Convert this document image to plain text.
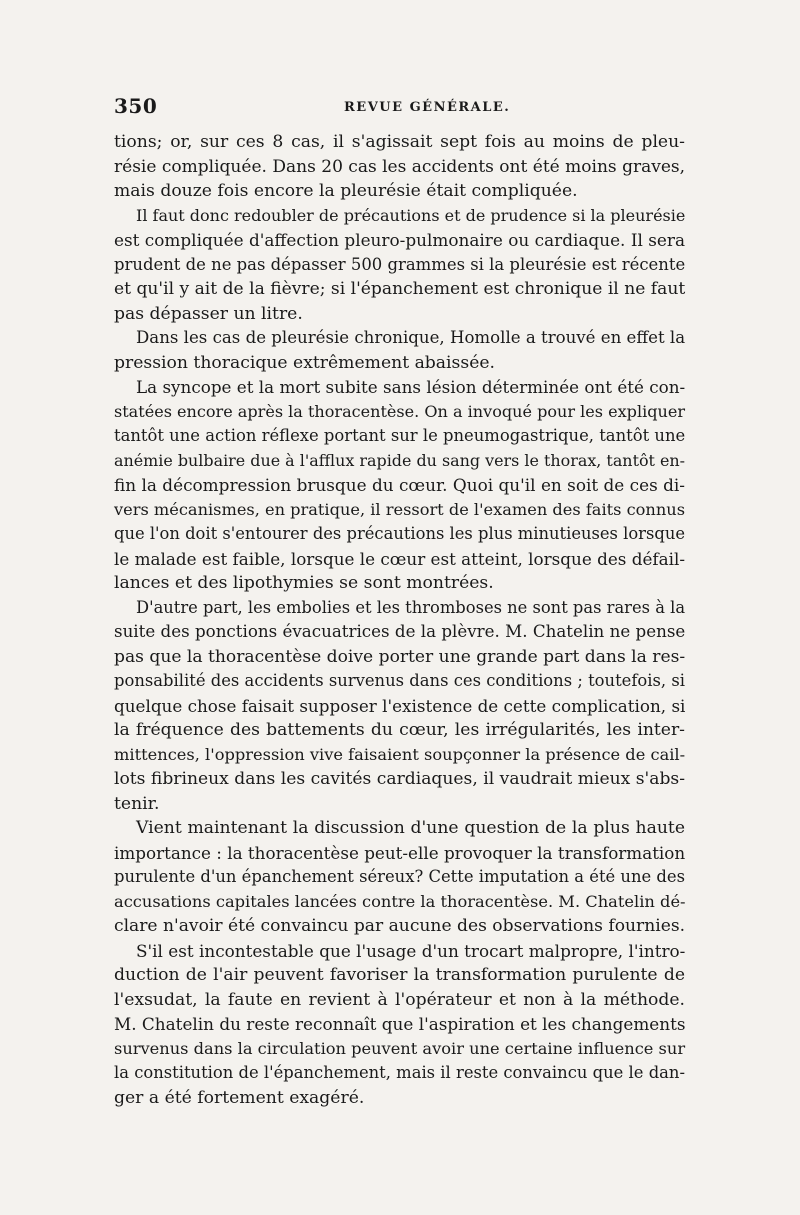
350	REVUE GÉNÉRALE.
tions; or, sur ces 8 cas, il s'agissait sept fois au moins de pleu-
résie compliquée. Dans 20 cas les accidents ont été moins graves,
mais douze fois encore la pleurésie était compliquée.
Il faut donc redoubler de précautions et de prudence si la pleurésie
est compliquée d'affection pleuro-pulmonaire ou cardiaque. Il sera
prudent de ne pas dépasser 500 grammes si la pleurésie est récente
et qu'il y ait de la fièvre; si l'épanchement est chronique il ne faut
pas dépasser un litre.
Dans les cas de pleurésie chronique, Homolle a trouvé en effet la
pression thoracique extrêmement abaissée.
La syncope et la mort subite sans lésion déterminée ont été con-
statées encore après la thoracentèse. On a invoqué pour les expliquer
tantôt une action réflexe portant sur le pneumogastrique, tantôt une
anémie bulbaire due à l'afflux rapide du sang vers le thorax, tantôt en-
fin la décompression brusque du cœur. Quoi qu'il en soit de ces di-
vers mécanismes, en pratique, il ressort de l'examen des faits connus
que l'on doit s'entourer des précautions les plus minutieuses lorsque
le malade est faible, lorsque le cœur est atteint, lorsque des défail-
lances et des lipothymies se sont montrées.
D'autre part, les embolies et les thromboses ne sont pas rares à la
suite des ponctions évacuatrices de la plèvre. M. Chatelin ne pense
pas que la thoracentèse doive porter une grande part dans la res-
ponsabilité des accidents survenus dans ces conditions ; toutefois, si
quelque chose faisait supposer l'existence de cette complication, si
la fréquence des battements du cœur, les irrégularités, les inter-
mittences, l'oppression vive faisaient soupçonner la présence de cail-
lots fibrineux dans les cavités cardiaques, il vaudrait mieux s'abs-
tenir.
Vient maintenant la discussion d'une question de la plus haute
importance : la thoracentèse peut-elle provoquer la transformation
purulente d'un épanchement séreux? Cette imputation a été une des
accusations capitales lancées contre la thoracentèse. M. Chatelin dé-
clare n'avoir été convaincu par aucune des observations fournies.
S'il est incontestable que l'usage d'un trocart malpropre, l'intro-
duction de l'air peuvent favoriser la transformation purulente de
l'exsudat, la faute en revient à l'opérateur et non à la méthode.
M. Chatelin du reste reconnaît que l'aspiration et les changements
survenus dans la circulation peuvent avoir une certaine influence sur
la constitution de l'épanchement, mais il reste convaincu que le dan-
ger a été fortement exagéré.
